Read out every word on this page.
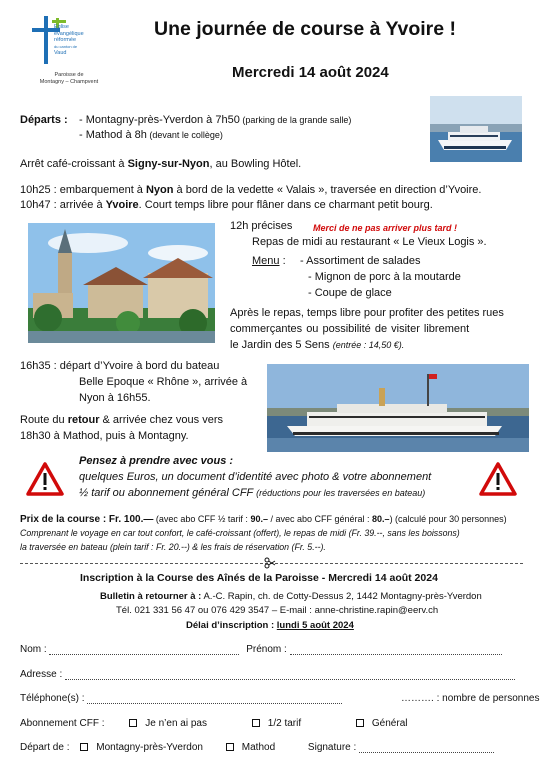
Eglise
évangélique
réformée
du canton de
Vaud
Paroisse de
Montagny – Champvent
Une journée de course à Yvoire !
Mercredi 14 août 2024
Départs : - Montagny-près-Yverdon à 7h50 (parking de la grande salle)
- Mathod à 8h (devant le collège)
Arrêt café-croissant à Signy-sur-Nyon, au Bowling Hôtel.
10h25 : embarquement à Nyon à bord de la vedette « Valais », traversée en direction d’Yvoire.
10h47 : arrivée à Yvoire. Court temps libre pour flâner dans ce charmant petit bourg.
12h précises Merci de ne pas arriver plus tard !
Repas de midi au restaurant « Le Vieux Logis ».
Menu : - Assortiment de salades
- Mignon de porc à la moutarde
- Coupe de glace
Après le repas, temps libre pour profiter des petites rues
commerçantes ou possibilité de visiter librement
le Jardin des 5 Sens (entrée : 14,50 €).
16h35 : départ d’Yvoire à bord du bateau
Belle Epoque « Rhône », arrivée à
Nyon à 16h55.
Route du retour & arrivée chez vous vers
18h30 à Mathod, puis à Montagny.
Pensez à prendre avec vous :
quelques Euros, un document d’identité avec photo & votre abonnement
½ tarif ou abonnement général CFF (réductions pour les traversées en bateau)
Prix de la course : Fr. 100.— (avec abo CFF ½ tarif : 90.– / avec abo CFF général : 80.–) (calculé pour 30 personnes)
Comprenant le voyage en car tout confort, le café-croissant (offert), le repas de midi (Fr. 39.--, sans les boissons)
la traversée en bateau (plein tarif : Fr. 20.--) & les frais de réservation (Fr. 5.--).
Inscription à la Course des Aînés de la Paroisse - Mercredi 14 août 2024
Bulletin à retourner à : A.-C. Rapin, ch. de Cotty-Dessus 2, 1442 Montagny-près-Yverdon
Tél. 021 331 56 47 ou 076 429 3547 – E-mail : anne-christine.rapin@eerv.ch
Délai d’inscription : lundi 5 août 2024
Nom :	Prénom :
Adresse :
Téléphone(s) :	………. : nombre de personnes
Abonnement CFF :	Je n’en ai pas	1/2 tarif	Général
Départ de :	Montagny-près-Yverdon	Mathod	Signature :
